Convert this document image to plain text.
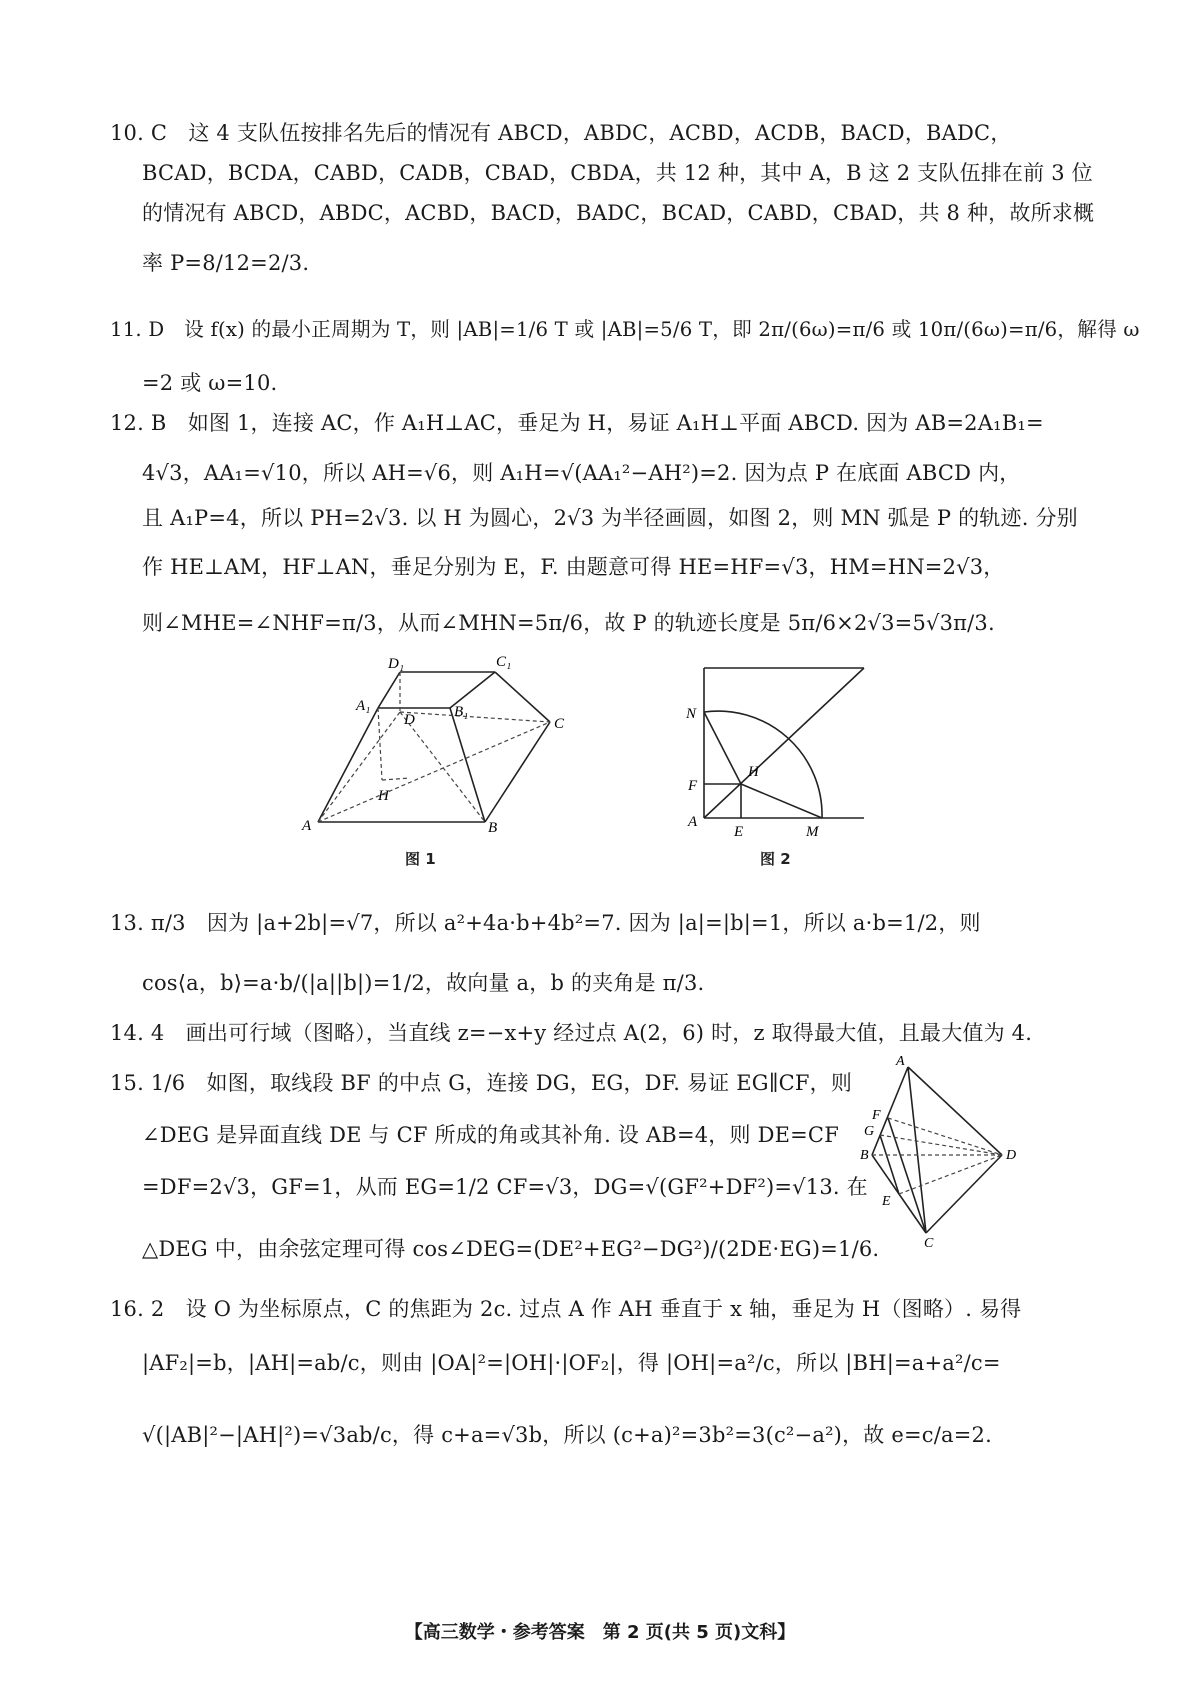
10. C　这 4 支队伍按排名先后的情况有 ABCD，ABDC，ACBD，ACDB，BACD，BADC，
BCAD，BCDA，CABD，CADB，CBAD，CBDA，共 12 种，其中 A，B 这 2 支队伍排在前 3 位
的情况有 ABCD，ABDC，ACBD，BACD，BADC，BCAD，CABD，CBAD，共 8 种，故所求概
率 P=8/12=2/3.
11. D　设 f(x) 的最小正周期为 T，则 |AB|=1/6 T 或 |AB|=5/6 T，即 2π/(6ω)=π/6 或 10π/(6ω)=π/6，解得 ω
=2 或 ω=10.
12. B　如图 1，连接 AC，作 A₁H⊥AC，垂足为 H，易证 A₁H⊥平面 ABCD. 因为 AB=2A₁B₁=
4√3，AA₁=√10，所以 AH=√6，则 A₁H=√(AA₁²−AH²)=2. 因为点 P 在底面 ABCD 内，
且 A₁P=4，所以 PH=2√3. 以 H 为圆心，2√3 为半径画圆，如图 2，则 MN 弧是 P 的轨迹. 分别
作 HE⊥AM，HF⊥AN，垂足分别为 E，F. 由题意可得 HE=HF=√3，HM=HN=2√3，
则∠MHE=∠NHF=π/3，从而∠MHN=5π/6，故 P 的轨迹长度是 5π/6×2√3=5√3π/3.
D₁	C₁
A₁
D	B₁
C
H
A	B
图 1
N
H
F
A
E	M
图 2
13. π/3　因为 |a+2b|=√7，所以 a²+4a·b+4b²=7. 因为 |a|=|b|=1，所以 a·b=1/2，则
cos⟨a，b⟩=a·b/(|a||b|)=1/2，故向量 a，b 的夹角是 π/3.
14. 4　画出可行域（图略），当直线 z=−x+y 经过点 A(2，6) 时，z 取得最大值，且最大值为 4.
15. 1/6　如图，取线段 BF 的中点 G，连接 DG，EG，DF. 易证 EG∥CF，则
∠DEG 是异面直线 DE 与 CF 所成的角或其补角. 设 AB=4，则 DE=CF
=DF=2√3，GF=1，从而 EG=1/2 CF=√3，DG=√(GF²+DF²)=√13. 在
△DEG 中，由余弦定理可得 cos∠DEG=(DE²+EG²−DG²)/(2DE·EG)=1/6.
A
F
G
B	D
E
C
16. 2　设 O 为坐标原点，C 的焦距为 2c. 过点 A 作 AH 垂直于 x 轴，垂足为 H（图略）. 易得
|AF₂|=b，|AH|=ab/c，则由 |OA|²=|OH|·|OF₂|，得 |OH|=a²/c，所以 |BH|=a+a²/c=
√(|AB|²−|AH|²)=√3ab/c，得 c+a=√3b，所以 (c+a)²=3b²=3(c²−a²)，故 e=c/a=2.
【高三数学・参考答案　第 2 页(共 5 页)文科】
